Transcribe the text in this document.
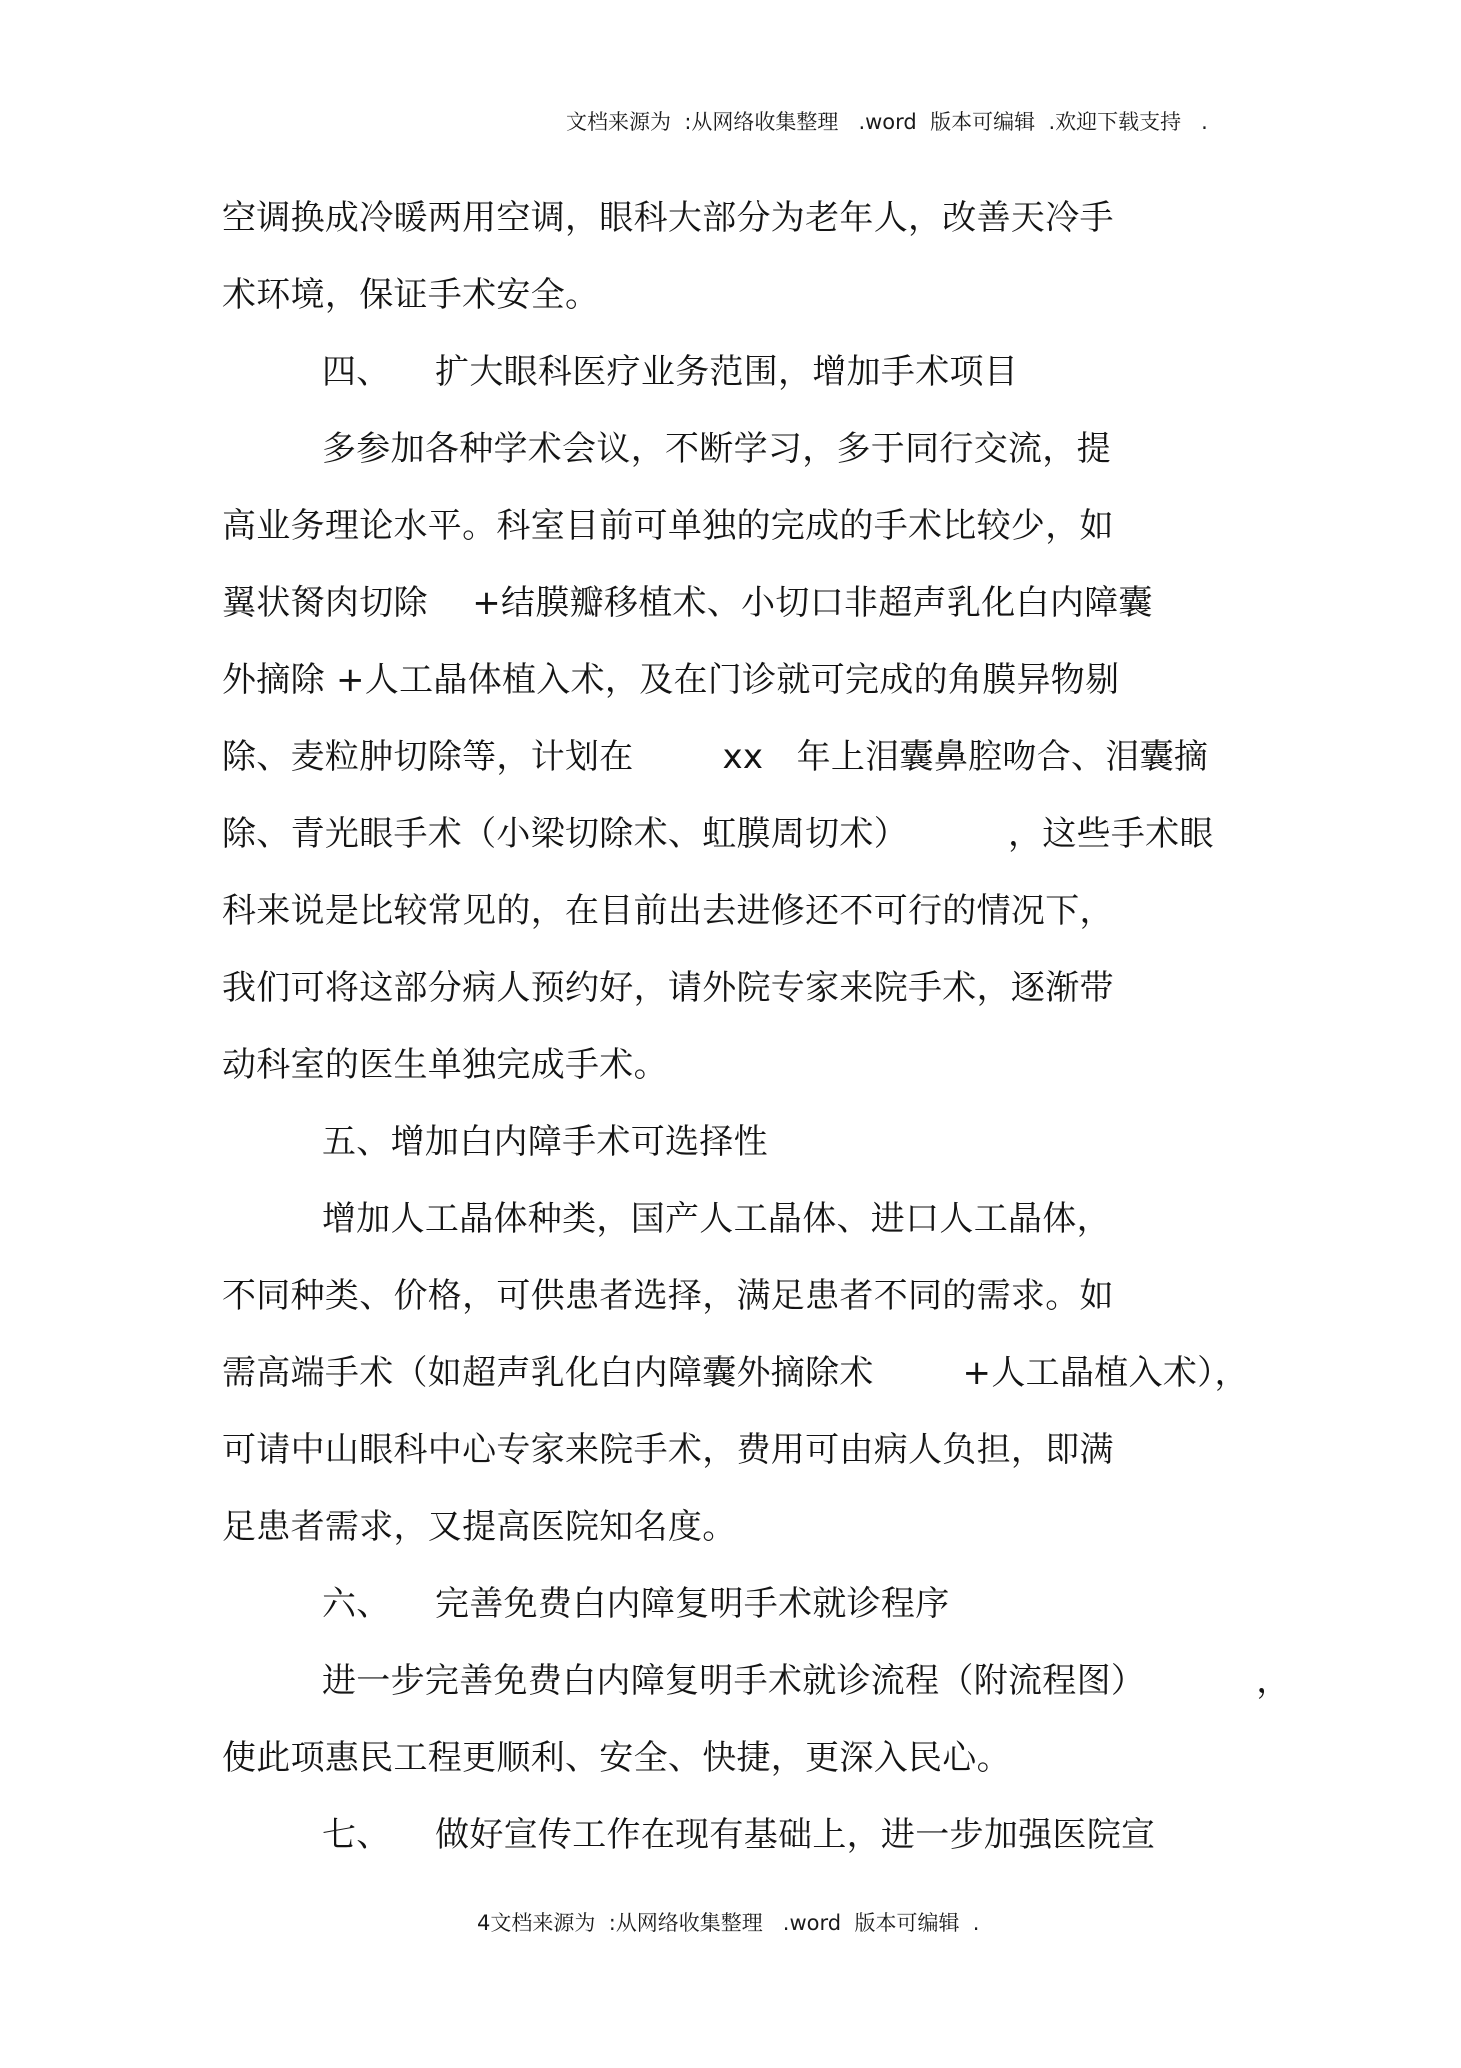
文档来源为  :从网络收集整理   .word  版本可编辑  .欢迎下载支持   .
空调换成冷暖两用空调，眼科大部分为老年人，改善天冷手
术环境，保证手术安全。
四、    扩大眼科医疗业务范围，增加手术项目
多参加各种学术会议，不断学习，多于同行交流，提
高业务理论水平。科室目前可单独的完成的手术比较少，如
翼状胬肉切除    +结膜瓣移植术、小切口非超声乳化白内障囊
外摘除 +人工晶体植入术，及在门诊就可完成的角膜异物剔
除、麦粒肿切除等，计划在        xx   年上泪囊鼻腔吻合、泪囊摘
除、青光眼手术（小梁切除术、虹膜周切术）         ，这些手术眼
科来说是比较常见的，在目前出去进修还不可行的情况下，
我们可将这部分病人预约好，请外院专家来院手术，逐渐带
动科室的医生单独完成手术。
五、增加白内障手术可选择性
增加人工晶体种类，国产人工晶体、进口人工晶体，
不同种类、价格，可供患者选择，满足患者不同的需求。如
需高端手术（如超声乳化白内障囊外摘除术        +人工晶植入术），
可请中山眼科中心专家来院手术，费用可由病人负担，即满
足患者需求，又提高医院知名度。
六、    完善免费白内障复明手术就诊程序
进一步完善免费白内障复明手术就诊流程（附流程图）          ，
使此项惠民工程更顺利、安全、快捷，更深入民心。
七、    做好宣传工作在现有基础上，进一步加强医院宣
4文档来源为  :从网络收集整理   .word  版本可编辑  .
